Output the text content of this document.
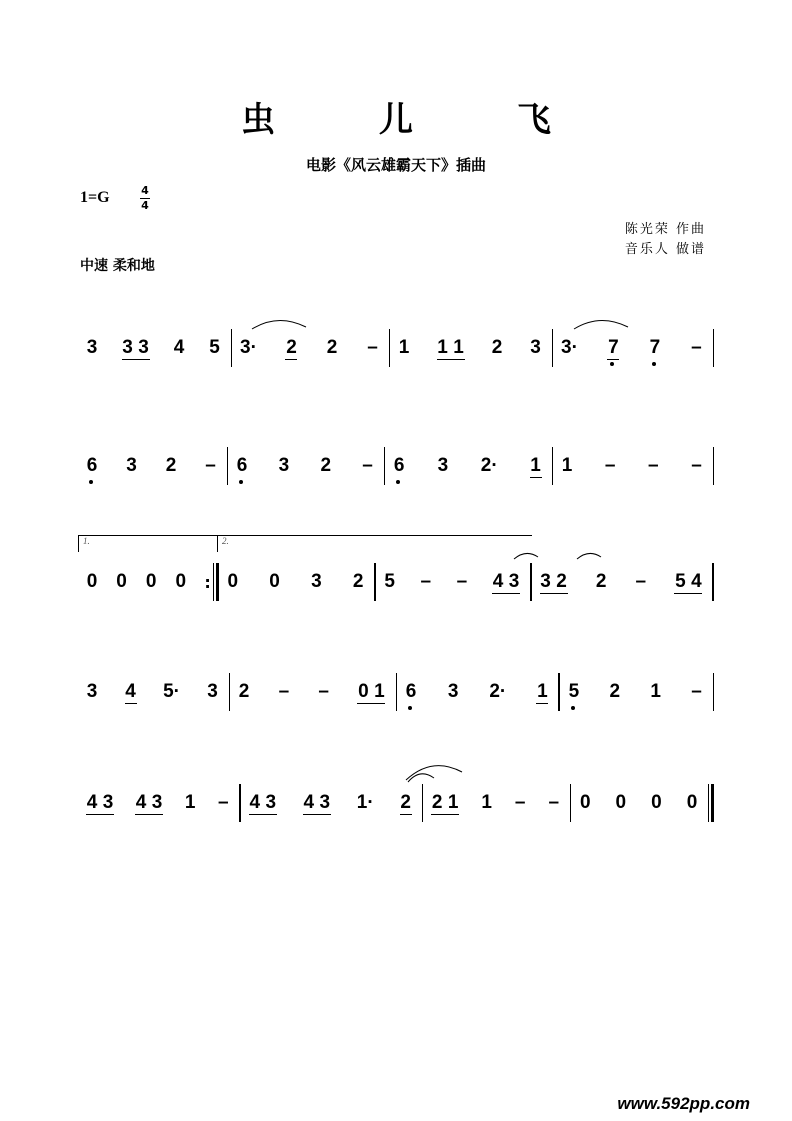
虫 儿 飞
电影《风云雄霸天下》插曲
1=G	4
4
陈光荣 作曲
音乐人 做谱
中速 柔和地
3 3 3 4 5 3· 2 2 – 1 1 1 2 3 3· 7 7 –
6 3 2 – 6 3 2 – 6 3 2· 1 1 – – –
0 0 0 0 : 0 0 3 2 5 – – 4 3 3 2 2 – 5 4
3 4 5· 3 2 – – 0 1 6 3 2· 1 5 2 1 –
4 3 4 3 1 – 4 3 4 3 1· 2 2 1 1 – – 0 0 0 0
1.	2.
www.592pp.com
